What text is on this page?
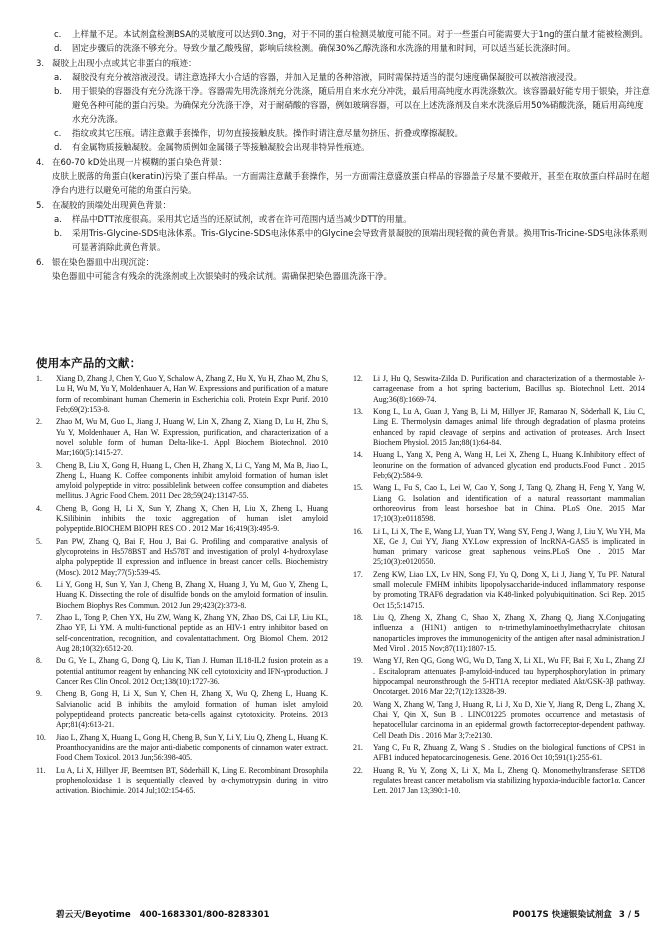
c.	上样量不足。本试剂盒检测BSA的灵敏度可以达到0.3ng，对于不同的蛋白检测灵敏度可能不同。对于一些蛋白可能需要大于1ng的蛋白量才能被检测到。
d.	固定步骤后的洗涤不够充分。导致少量乙酸残留，影响后续检测。确保30%乙醇洗涤和水洗涤的用量和时间，可以适当延长洗涤时间。
3. 凝胶上出现小点或其它非蛋白的痕迹：
a.	凝胶没有充分被溶液浸没。请注意选择大小合适的容器，并加入足量的各种溶液，同时需保持适当的混匀速度确保凝胶可以被溶液浸没。
b.	用于银染的容器没有充分洗涤干净。容器需先用洗涤剂充分洗涤，随后用自来水充分冲洗，最后用高纯度水再洗涤数次。该容器最好能专用于银染，并注意避免各种可能的蛋白污染。为确保充分洗涤干净，对于耐硝酸的容器，例如玻璃容器，可以在上述洗涤剂及自来水洗涤后用50%硝酸洗涤，随后用高纯度水充分洗涤。
c.	指纹或其它压痕。请注意戴手套操作，切勿直接接触皮肤。操作时请注意尽量勿挤压、折叠或摩擦凝胶。
d.	有金属物质接触凝胶。金属物质例如金属镊子等接触凝胶会出现非特异性痕迹。
4. 在60-70 kD处出现一片模糊的蛋白染色背景：
皮肤上脱落的角蛋白(keratin)污染了蛋白样品。一方面需注意戴手套操作，另一方面需注意盛放蛋白样品的容器盖子尽量不要敞开，甚至在取放蛋白样品时在超净台内进行以避免可能的角蛋白污染。
5. 在凝胶的顶端处出现黄色背景：
a.	样品中DTT浓度很高。采用其它适当的还原试剂，或者在许可范围内适当减少DTT的用量。
b.	采用Tris-Glycine-SDS电泳体系。Tris-Glycine-SDS电泳体系中的Glycine会导致背景凝胶的顶端出现轻微的黄色背景。换用Tris-Tricine-SDS电泳体系则可显著消除此黄色背景。
6. 银在染色器皿中出现沉淀：
染色器皿中可能含有残余的洗涤剂或上次银染时的残余试剂。需确保把染色器皿洗涤干净。
使用本产品的文献：
1.	Xiang D, Zhang J, Chen Y, Guo Y, Schalow A, Zhang Z, Hu X, Yu H, Zhao M, Zhu S, Lu H, Wu M, Yu Y, Moldenhauer A, Han W. Expressions and purification of a mature form of recombinant human Chemerin in Escherichia coli. Protein Expr Purif. 2010 Feb;69(2):153-8.
2.	Zhao M, Wu M, Guo L, Jiang J, Huang W, Lin X, Zhang Z, Xiang D, Lu H, Zhu S, Yu Y, Moldenhauer A, Han W. Expression, purification, and characterization of a novel soluble form of human Delta-like-1. Appl Biochem Biotechnol. 2010 Mar;160(5):1415-27.
3.	Cheng B, Liu X, Gong H, Huang L, Chen H, Zhang X, Li C, Yang M, Ma B, Jiao L, Zheng L, Huang K. Coffee components inhibit amyloid formation of human islet amyloid polypeptide in vitro: possiblelink between coffee consumption and diabetes mellitus. J Agric Food Chem. 2011 Dec 28;59(24):13147-55.
4.	Cheng B, Gong H, Li X, Sun Y, Zhang X, Chen H, Liu X, Zheng L, Huang K.Silibinin inhibits the toxic aggregation of human islet amyloid polypeptide.BIOCHEM BIOPH RES CO . 2012 Mar 16;419(3):495-9.
5.	Pan PW, Zhang Q, Bai F, Hou J, Bai G. Profiling and comparative analysis of glycoproteins in Hs578BST and Hs578T and investigation of prolyl 4-hydroxylase alpha polypeptide II expression and influence in breast cancer cells. Biochemistry (Mosc). 2012 May;77(5):539-45.
6.	Li Y, Gong H, Sun Y, Yan J, Cheng B, Zhang X, Huang J, Yu M, Guo Y, Zheng L, Huang K. Dissecting the role of disulfide bonds on the amyloid formation of insulin. Biochem Biophys Res Commun. 2012 Jun 29;423(2):373-8.
7.	Zhao L, Tong P, Chen YX, Hu ZW, Wang K, Zhang YN, Zhao DS, Cai LF, Liu KL, Zhao YF, Li YM. A multi-functional peptide as an HIV-1 entry inhibitor based on self-concentration, recognition, and covalentattachment. Org Biomol Chem. 2012 Aug 28;10(32):6512-20.
8.	Du G, Ye L, Zhang G, Dong Q, Liu K, Tian J. Human IL18-IL2 fusion protein as a potential antitumor reagent by enhancing NK cell cytotoxicity and IFN-γproduction. J Cancer Res Clin Oncol. 2012 Oct;138(10):1727-36.
9.	Cheng B, Gong H, Li X, Sun Y, Chen H, Zhang X, Wu Q, Zheng L, Huang K. Salvianolic acid B inhibits the amyloid formation of human islet amyloid polypeptideand protects pancreatic beta-cells against cytotoxicity. Proteins. 2013 Apr;81(4):613-21.
10.	Jiao L, Zhang X, Huang L, Gong H, Cheng B, Sun Y, Li Y, Liu Q, Zheng L, Huang K. Proanthocyanidins are the major anti-diabetic components of cinnamon water extract. Food Chem Toxicol. 2013 Jun;56:398-405.
11.	Lu A, Li X, Hillyer JF, Beerntsen BT, Söderhäll K, Ling E. Recombinant Drosophila prophenoloxidase 1 is sequentially cleaved by α-chymotrypsin during in vitro activation. Biochimie. 2014 Jul;102:154-65.
12.	Li J, Hu Q, Seswita-Zilda D. Purification and characterization of a thermostable λ-carrageenase from a hot spring bacterium, Bacillus sp. Biotechnol Lett. 2014 Aug;36(8):1669-74.
13.	Kong L, Lu A, Guan J, Yang B, Li M, Hillyer JF, Ramarao N, Söderhall K, Liu C, Ling E. Thermolysin damages animal life through degradation of plasma proteins enhanced by rapid cleavage of serpins and activation of proteases. Arch Insect Biochem Physiol. 2015 Jan;88(1):64-84.
14.	Huang L, Yang X, Peng A, Wang H, Lei X, Zheng L, Huang K.Inhibitory effect of leonurine on the formation of advanced glycation end products.Food Funct . 2015 Feb;6(2):584-9.
15.	Wang L, Fu S, Cao L, Lei W, Cao Y, Song J, Tang Q, Zhang H, Feng Y, Yang W, Liang G. Isolation and identification of a natural reassortant mammalian orthoreovirus from least horseshoe bat in China. PLoS One. 2015 Mar 17;10(3):e0118598.
16.	Li L, Li X, The E, Wang LJ, Yuan TY, Wang SY, Feng J, Wang J, Liu Y, Wu YH, Ma XE, Ge J, Cui YY, Jiang XY.Low expression of lncRNA-GAS5 is implicated in human primary varicose great saphenous veins.PLoS One . 2015 Mar 25;10(3):e0120550.
17.	Zeng KW, Liao LX, Lv HN, Song FJ, Yu Q, Dong X, Li J, Jiang Y, Tu PF. Natural small molecule FMHM inhibits lipopolysaccharide-induced inflammatory response by promoting TRAF6 degradation via K48-linked polyubiquitination. Sci Rep. 2015 Oct 15;5:14715.
18.	Liu Q, Zheng X, Zhang C, Shao X, Zhang X, Zhang Q, Jiang X.Conjugating influenza a (H1N1) antigen to n-trimethylaminoethylmethacrylate chitosan nanoparticles improves the immunogenicity of the antigen after nasal administration.J Med Virol . 2015 Nov;87(11):1807-15.
19.	Wang YJ, Ren QG, Gong WG, Wu D, Tang X, Li XL, Wu FF, Bai F, Xu L, Zhang ZJ . Escitalopram attenuates β-amyloid-induced tau hyperphosphorylation in primary hippocampal neuronsthrough the 5-HT1A receptor mediated Akt/GSK-3β pathway. Oncotarget. 2016 Mar 22;7(12):13328-39.
20.	Wang X, Zhang W, Tang J, Huang R, Li J, Xu D, Xie Y, Jiang R, Deng L, Zhang X, Chai Y, Qin X, Sun B . LINC01225 promotes occurrence and metastasis of hepatocellular carcinoma in an epidermal growth factorreceptor-dependent pathway. Cell Death Dis . 2016 Mar 3;7:e2130.
21.	Yang C, Fu R, Zhuang Z, Wang S . Studies on the biological functions of CPS1 in AFB1 induced hepatocarcinogenesis. Gene. 2016 Oct 10;591(1):255-61.
22.	Huang R, Yu Y, Zong X, Li X, Ma L, Zheng Q. Monomethyltransferase SETD8 regulates breast cancer metabolism via stabilizing hypoxia-inducible factor1α. Cancer Lett. 2017 Jan 13;390:1-10.
碧云天/Beyotime 400-1683301/800-8283301	P0017S 快速银染试剂盒 3 / 5
